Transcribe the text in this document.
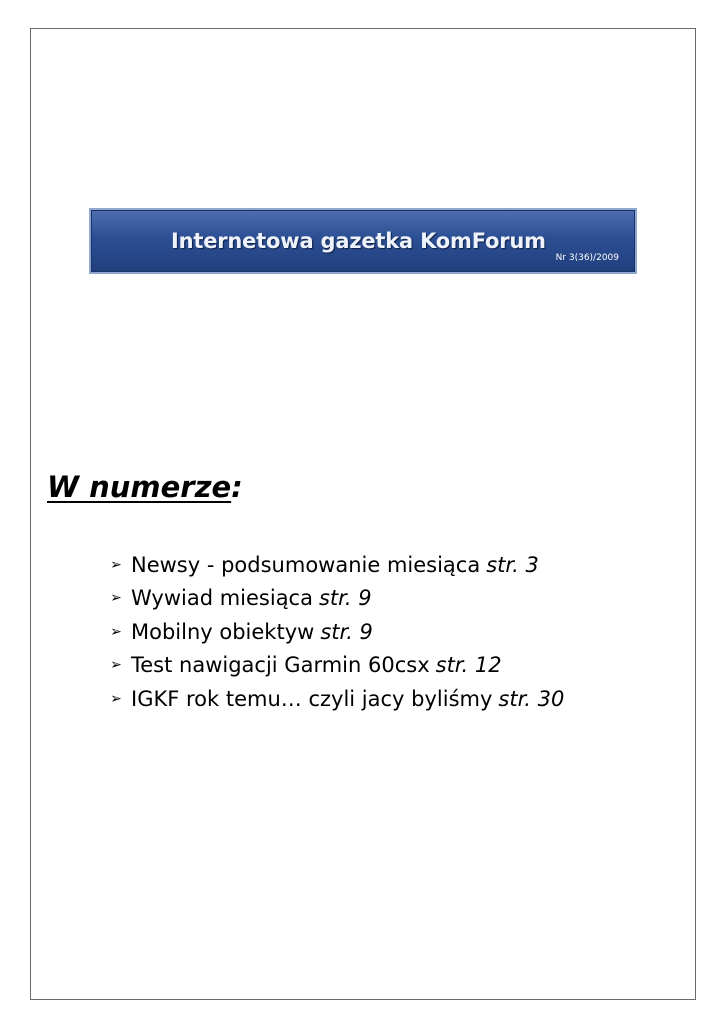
Internetowa gazetka KomForum
Nr 3(36)/2009
W numerze:
➢ Newsy - podsumowanie miesiąca str. 3
➢ Wywiad miesiąca str. 9
➢ Mobilny obiektyw str. 9
➢ Test nawigacji Garmin 60csx str. 12
➢ IGKF rok temu… czyli jacy byliśmy str. 30
